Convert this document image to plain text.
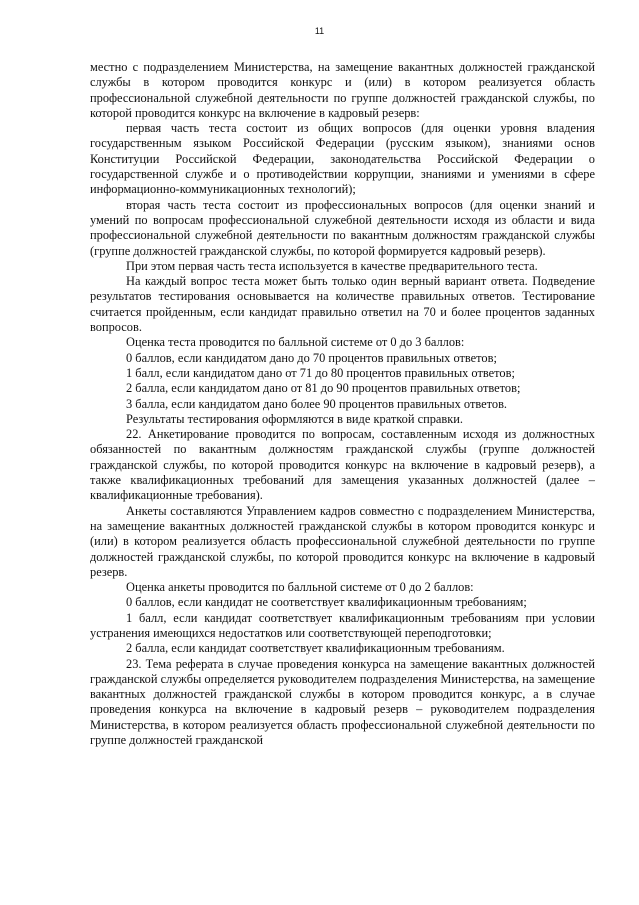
11

местно с подразделением Министерства, на замещение вакантных должностей гражданской службы в котором проводится конкурс и (или) в котором реализуется область профессиональной служебной деятельности по группе должностей гражданской службы, по которой проводится конкурс на включение в кадровый резерв:

первая часть теста состоит из общих вопросов (для оценки уровня владения государственным языком Российской Федерации (русским языком), знаниями основ Конституции Российской Федерации, законодательства Российской Федерации о государственной службе и о противодействии коррупции, знаниями и умениями в сфере информационно-коммуникационных технологий);

вторая часть теста состоит из профессиональных вопросов (для оценки знаний и умений по вопросам профессиональной служебной деятельности исходя из области и вида профессиональной служебной деятельности по вакантным должностям гражданской службы (группе должностей гражданской службы, по которой формируется кадровый резерв).

При этом первая часть теста используется в качестве предварительного теста.

На каждый вопрос теста может быть только один верный вариант ответа. Подведение результатов тестирования основывается на количестве правильных ответов. Тестирование считается пройденным, если кандидат правильно ответил на 70 и более процентов заданных вопросов.

Оценка теста проводится по балльной системе от 0 до 3 баллов:

0 баллов, если кандидатом дано до 70 процентов правильных ответов;

1 балл, если кандидатом дано от 71 до 80 процентов правильных ответов;

2 балла, если кандидатом дано от 81 до 90 процентов правильных ответов;

3 балла, если кандидатом дано более 90 процентов правильных ответов.

Результаты тестирования оформляются в виде краткой справки.

22. Анкетирование проводится по вопросам, составленным исходя из должностных обязанностей по вакантным должностям гражданской службы (группе должностей гражданской службы, по которой проводится конкурс на включение в кадровый резерв), а также квалификационных требований для замещения указанных должностей (далее – квалификационные требования).

Анкеты составляются Управлением кадров совместно с подразделением Министерства, на замещение вакантных должностей гражданской службы в котором проводится конкурс и (или) в котором реализуется область профессиональной служебной деятельности по группе должностей гражданской службы, по которой проводится конкурс на включение в кадровый резерв.

Оценка анкеты проводится по балльной системе от 0 до 2 баллов:

0 баллов, если кандидат не соответствует квалификационным требованиям;

1 балл, если кандидат соответствует квалификационным требованиям при условии устранения имеющихся недостатков или соответствующей переподготовки;

2 балла, если кандидат соответствует квалификационным требованиям.

23. Тема реферата в случае проведения конкурса на замещение вакантных должностей гражданской службы определяется руководителем подразделения Министерства, на замещение вакантных должностей гражданской службы в котором проводится конкурс, а в случае проведения конкурса на включение в кадровый резерв – руководителем подразделения Министерства, в котором реализуется область профессиональной служебной деятельности по группе должностей гражданской
